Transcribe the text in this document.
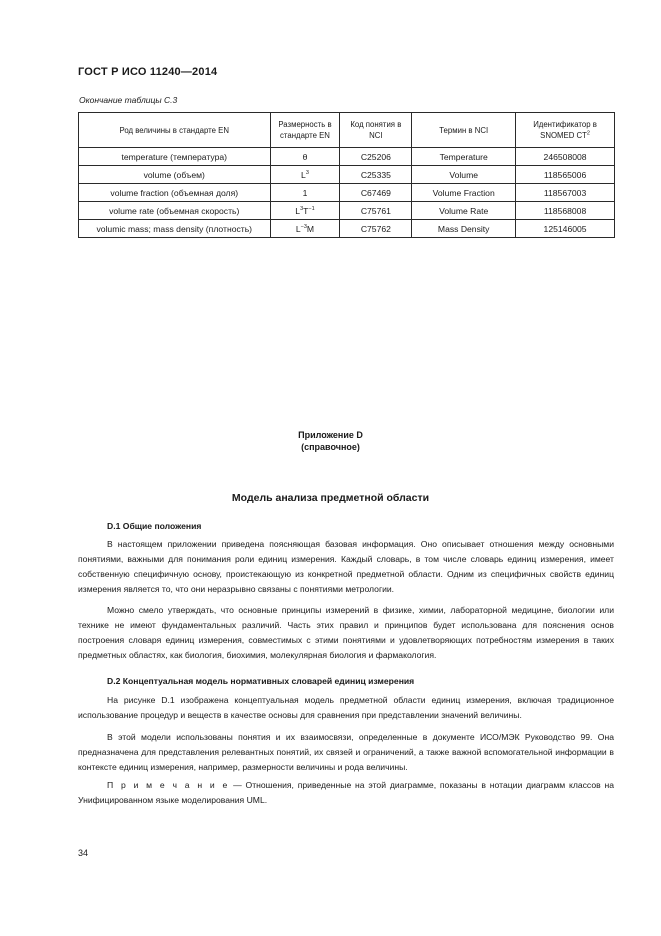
ГОСТ Р ИСО 11240—2014
Окончание таблицы С.3
Род величины в стандарте EN	Размерность в стандарте EN	Код понятия в NCI	Термин в NCI	Идентификатор в SNOMED $CT^2$
temperature (температура)	θ	C25206	Temperature	246508008
volume (объем)	$L^3$	C25335	Volume	118565006
volume fraction (объемная доля)	1	C67469	Volume Fraction	118567003
volume rate (объемная скорость)	$L^3T^{-1}$	C75761	Volume Rate	118568008
volumic mass; mass density (плотность)	$L^{-3}M$	C75762	Mass Density	125146005
Приложение D
(справочное)
Модель анализа предметной области
D.1 Общие положения

В настоящем приложении приведена поясняющая базовая информация. Оно описывает отношения между основными понятиями, важными для понимания роли единиц измерения. Каждый словарь, в том числе словарь единиц измерения, имеет собственную специфичную основу, проистекающую из конкретной предметной области. Одним из специфичных свойств единиц измерения является то, что они неразрывно связаны с понятиями метрологии.

Можно смело утверждать, что основные принципы измерений в физике, химии, лабораторной медицине, биологии или технике не имеют фундаментальных различий. Часть этих правил и принципов будет использована для пояснения основ построения словаря единиц измерения, совместимых с этими понятиями и удовлетворяющих потребностям измерения в таких предметных областях, как биология, биохимия, молекулярная биология и фармакология.

D.2 Концептуальная модель нормативных словарей единиц измерения

На рисунке D.1 изображена концептуальная модель предметной области единиц измерения, включая традиционное использование процедур и веществ в качестве основы для сравнения при представлении значений величины.

В этой модели использованы понятия и их взаимосвязи, определенные в документе ИСО/МЭК Руководство 99. Она предназначена для представления релевантных понятий, их связей и ограничений, а также важной вспомогательной информации в контексте единиц измерения, например, размерности величины и рода величины.

П р и м е ч а н и е — Отношения, приведенные на этой диаграмме, показаны в нотации диаграмм классов на Унифицированном языке моделирования UML.

34
